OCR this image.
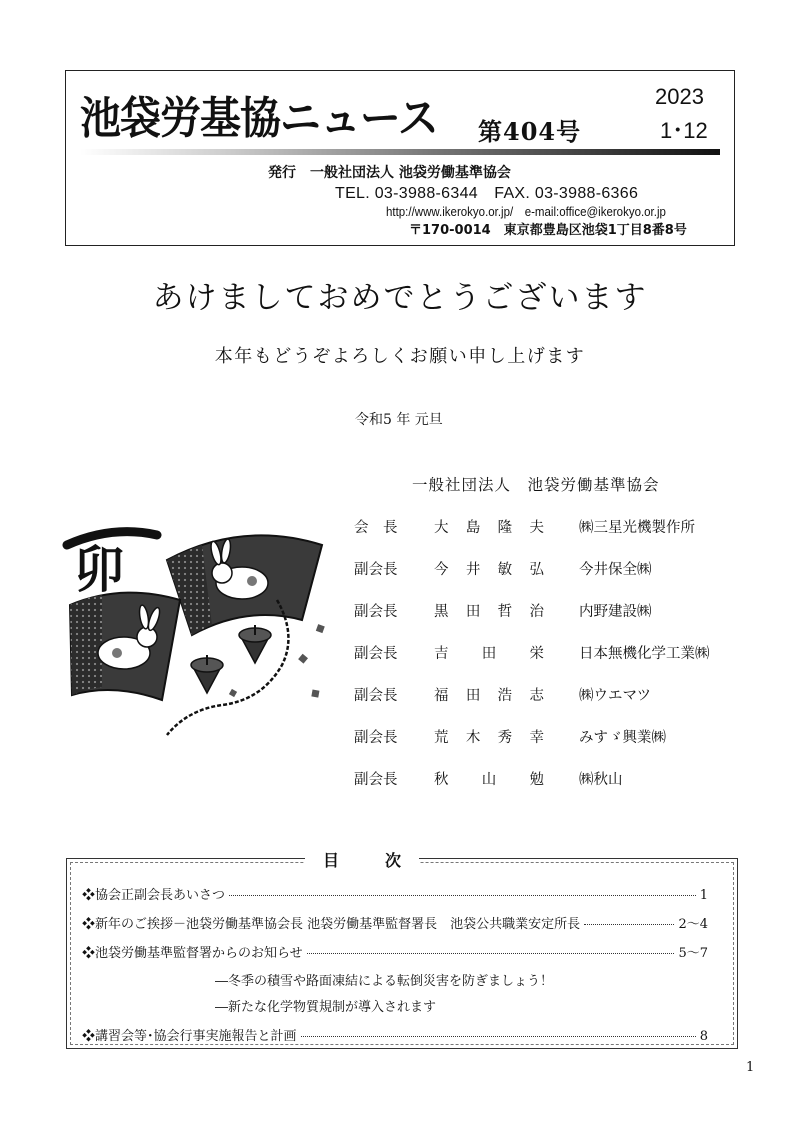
池袋労基協ニュース 第404号
2023
1･12
発行　一般社団法人 池袋労働基準協会
TEL. 03-3988-6344　FAX. 03-3988-6366
http://www.ikerokyo.or.jp/　e-mail:office@ikerokyo.or.jp
〒170-0014　東京都豊島区池袋1丁目8番8号
あけましておめでとうございます
本年もどうぞよろしくお願い申し上げます
令和5 年 元旦
一般社団法人　池袋労働基準協会
会　長	大島隆夫 ㈱三星光機製作所
副会長	今井敏弘 今井保全㈱
副会長	黒田哲治 内野建設㈱
副会長	吉田栄 日本無機化学工業㈱
副会長	福田浩志 ㈱ウエマツ
副会長	荒木秀幸 みすゞ興業㈱
副会長	秋山勉 ㈱秋山
卯
目	次
❖協会正副会長あいさつ	1
❖新年のご挨拶－池袋労働基準協会長 池袋労働基準監督署長　池袋公共職業安定所長	2～4
❖池袋労働基準監督署からのお知らせ	5～7
―冬季の積雪や路面凍結による転倒災害を防ぎましょう！
―新たな化学物質規制が導入されます
❖講習会等･協会行事実施報告と計画	8
1
